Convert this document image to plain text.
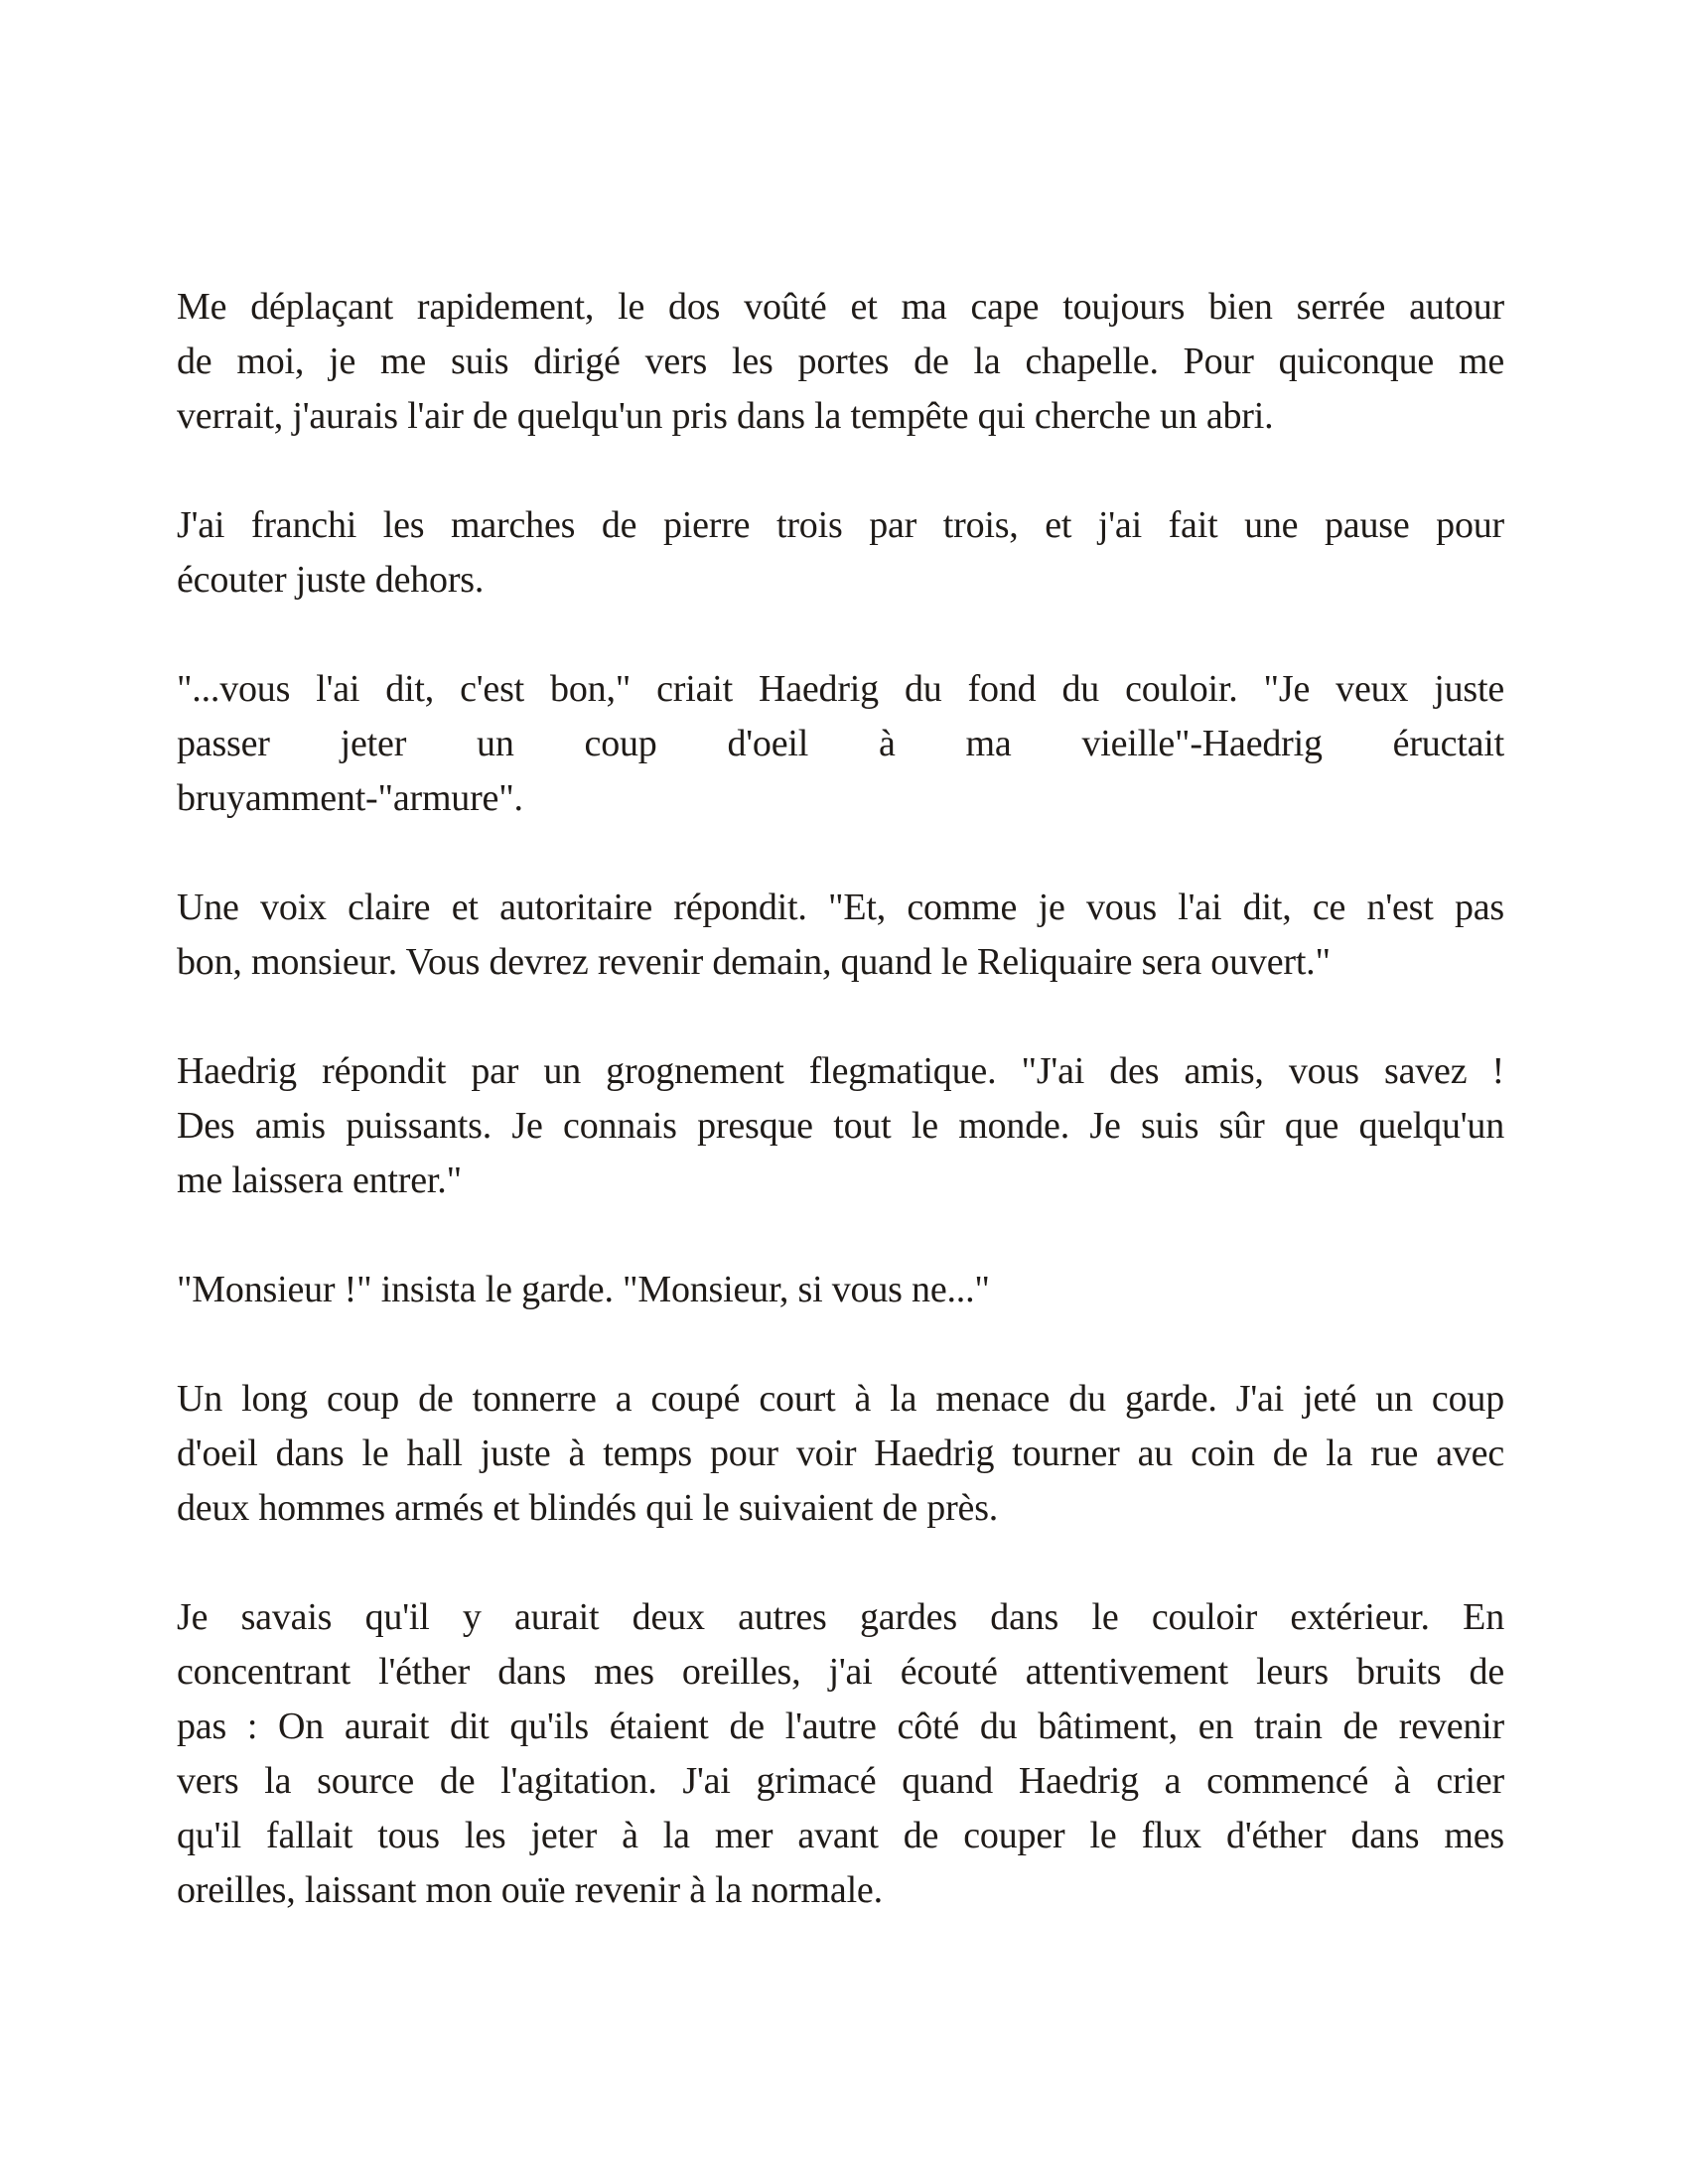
Me déplaçant rapidement, le dos voûté et ma cape toujours bien serrée autour
de moi, je me suis dirigé vers les portes de la chapelle. Pour quiconque me
verrait, j'aurais l'air de quelqu'un pris dans la tempête qui cherche un abri.
J'ai franchi les marches de pierre trois par trois, et j'ai fait une pause pour
écouter juste dehors.
"...vous l'ai dit, c'est bon," criait Haedrig du fond du couloir. "Je veux juste
passer jeter un coup d'oeil à ma vieille"-Haedrig éructait
bruyamment-"armure".
Une voix claire et autoritaire répondit. "Et, comme je vous l'ai dit, ce n'est pas
bon, monsieur. Vous devrez revenir demain, quand le Reliquaire sera ouvert."
Haedrig répondit par un grognement flegmatique. "J'ai des amis, vous savez !
Des amis puissants. Je connais presque tout le monde. Je suis sûr que quelqu'un
me laissera entrer."
"Monsieur !" insista le garde. "Monsieur, si vous ne..."
Un long coup de tonnerre a coupé court à la menace du garde. J'ai jeté un coup
d'oeil dans le hall juste à temps pour voir Haedrig tourner au coin de la rue avec
deux hommes armés et blindés qui le suivaient de près.
Je savais qu'il y aurait deux autres gardes dans le couloir extérieur. En
concentrant l'éther dans mes oreilles, j'ai écouté attentivement leurs bruits de
pas : On aurait dit qu'ils étaient de l'autre côté du bâtiment, en train de revenir
vers la source de l'agitation. J'ai grimacé quand Haedrig a commencé à crier
qu'il fallait tous les jeter à la mer avant de couper le flux d'éther dans mes
oreilles, laissant mon ouïe revenir à la normale.
